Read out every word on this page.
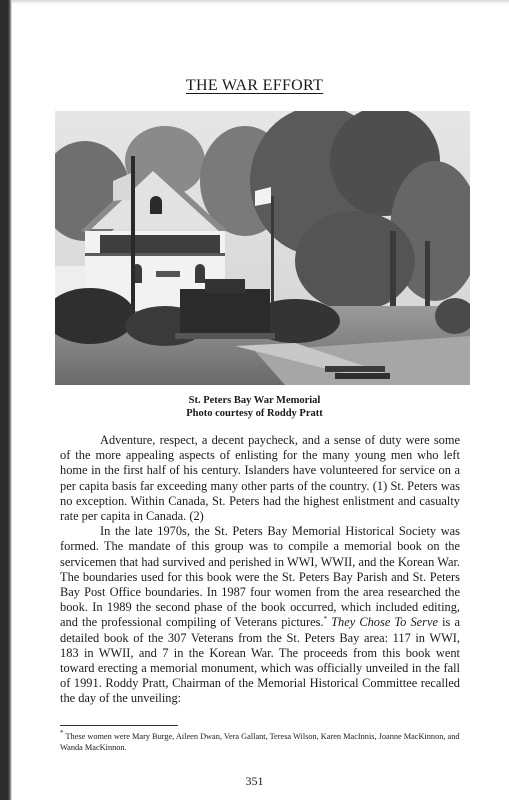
THE WAR EFFORT
St. Peters Bay War Memorial
Photo courtesy of Roddy Pratt

Adventure, respect, a decent paycheck, and a sense of duty were some of the more appealing aspects of enlisting for the many young men who left home in the first half of his century. Islanders have volunteered for service on a per capita basis far exceeding many other parts of the country. (1) St. Peters was no exception. Within Canada, St. Peters had the highest enlistment and casualty rate per capita in Canada. (2)

In the late 1970s, the St. Peters Bay Memorial Historical Society was formed. The mandate of this group was to compile a memorial book on the servicemen that had survived and perished in WWI, WWII, and the Korean War. The boundaries used for this book were the St. Peters Bay Parish and St. Peters Bay Post Office boundaries. In 1987 four women from the area researched the book. In 1989 the second phase of the book occurred, which included editing, and the professional compiling of Veterans pictures.* They Chose To Serve is a detailed book of the 307 Veterans from the St. Peters Bay area: 117 in WWI, 183 in WWII, and 7 in the Korean War. The proceeds from this book went toward erecting a memorial monument, which was officially unveiled in the fall of 1991. Roddy Pratt, Chairman of the Memorial Historical Committee recalled the day of the unveiling:

* These women were Mary Burge, Aileen Dwan, Vera Gallant, Teresa Wilson, Karen MacInnis, Joanne MacKinnon, and Wanda MacKinnon.
351
